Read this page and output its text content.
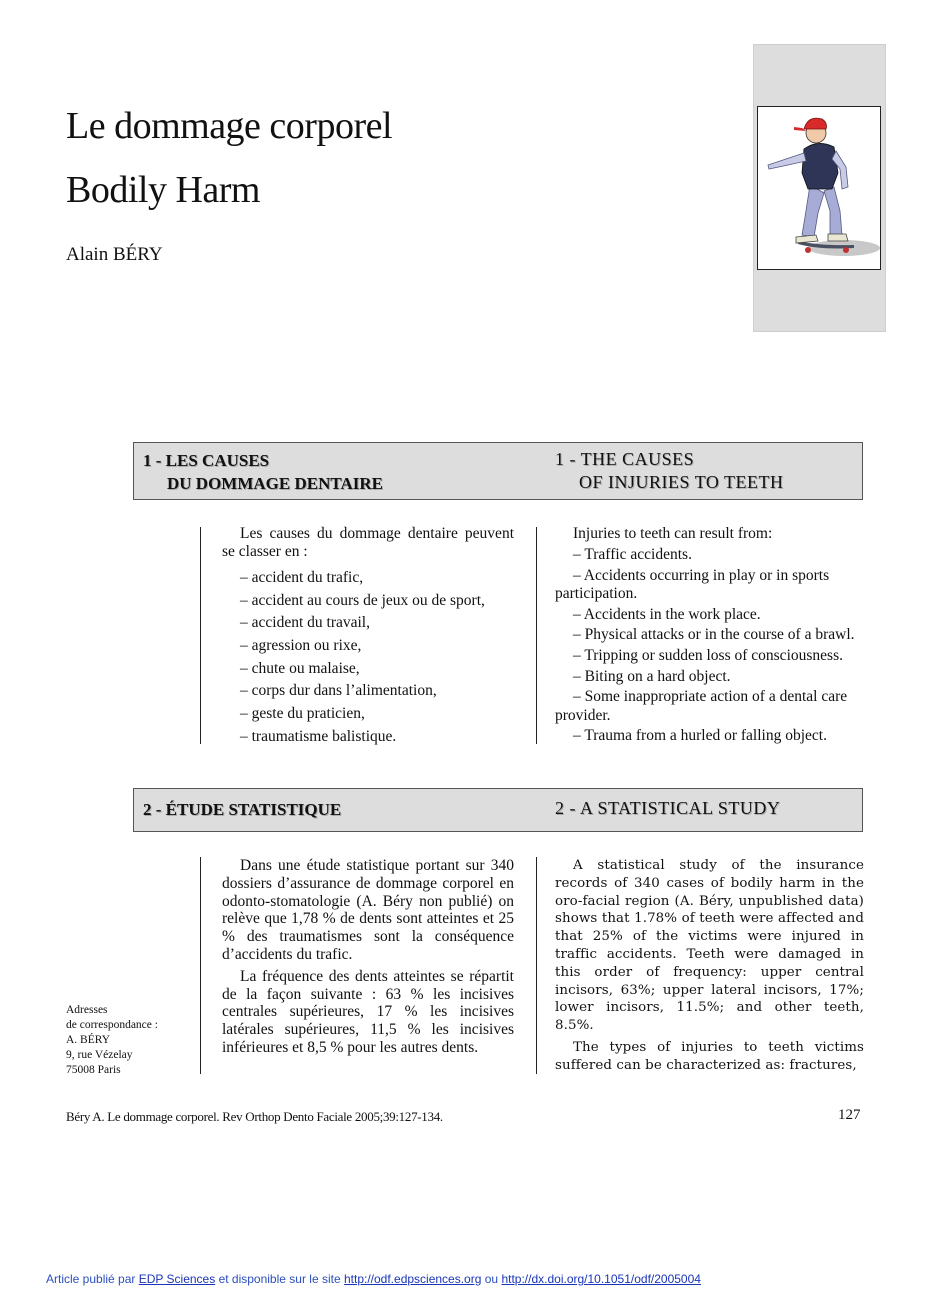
Le dommage corporel
Bodily Harm
Alain BÉRY
1 - LES CAUSES
DU DOMMAGE DENTAIRE
1 - THE CAUSES
OF INJURIES TO TEETH

Les causes du dommage dentaire peuvent se classer en :

– accident du trafic,
– accident au cours de jeux ou de sport,
– accident du travail,
– agression ou rixe,
– chute ou malaise,
– corps dur dans l’alimentation,
– geste du praticien,
– traumatisme balistique.

Injuries to teeth can result from:

– Traffic accidents.
– Accidents occurring in play or in sports participation.
– Accidents in the work place.
– Physical attacks or in the course of a brawl.
– Tripping or sudden loss of consciousness.
– Biting on a hard object.
– Some inappropriate action of a dental care provider.
– Trauma from a hurled or falling object.
2 - ÉTUDE STATISTIQUE	2 - A STATISTICAL STUDY

Dans une étude statistique portant sur 340 dossiers d’assurance de dommage corporel en odonto-stomatologie (A. Béry non publié) on relève que 1,78 % de dents sont atteintes et 25 % des traumatismes sont la conséquence d’accidents du trafic.

La fréquence des dents atteintes se répartit de la façon suivante : 63 % les incisives centrales supérieures, 17 % les incisives latérales supérieures, 11,5 % les incisives inférieures et 8,5 % pour les autres dents.

A statistical study of the insurance records of 340 cases of bodily harm in the oro-facial region (A. Béry, unpublished data) shows that 1.78% of teeth were affected and that 25% of the victims were injured in traffic accidents. Teeth were damaged in this order of frequency: upper central incisors, 63%; upper lateral incisors, 17%; lower incisors, 11.5%; and other teeth, 8.5%.

The types of injuries to teeth victims suffered can be characterized as: fractures,

Adresses
de correspondance :
A. BÉRY
9, rue Vézelay
75008 Paris
Béry A. Le dommage corporel. Rev Orthop Dento Faciale 2005;39:127-134.	127
Article publié par EDP Sciences et disponible sur le site http://odf.edpsciences.org ou http://dx.doi.org/10.1051/odf/2005004
